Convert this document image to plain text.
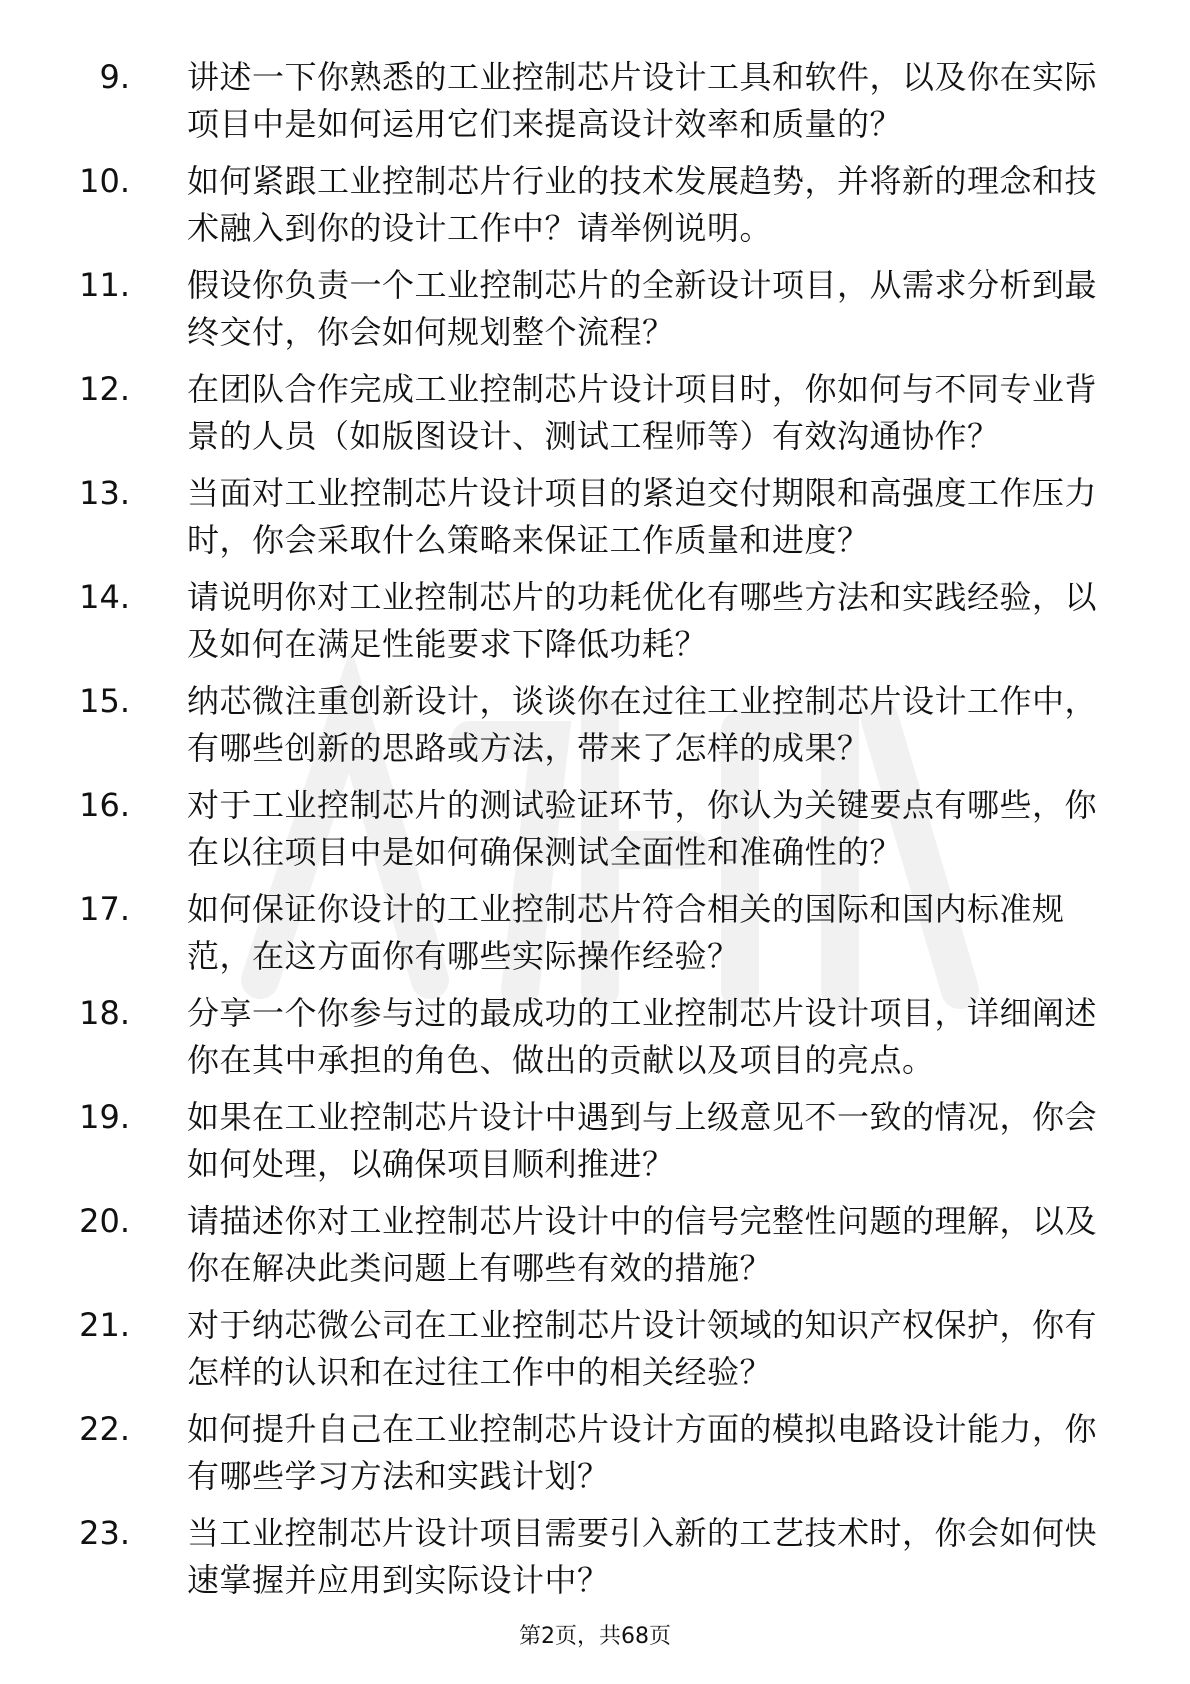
9. 讲述一下你熟悉的工业控制芯片设计工具和软件，以及你在实际
项目中是如何运用它们来提高设计效率和质量的？
10. 如何紧跟工业控制芯片行业的技术发展趋势，并将新的理念和技
术融入到你的设计工作中？请举例说明。
11. 假设你负责一个工业控制芯片的全新设计项目，从需求分析到最
终交付，你会如何规划整个流程？
12. 在团队合作完成工业控制芯片设计项目时，你如何与不同专业背
景的人员（如版图设计、测试工程师等）有效沟通协作？
13. 当面对工业控制芯片设计项目的紧迫交付期限和高强度工作压力
时，你会采取什么策略来保证工作质量和进度？
14. 请说明你对工业控制芯片的功耗优化有哪些方法和实践经验，以
及如何在满足性能要求下降低功耗？
15. 纳芯微注重创新设计，谈谈你在过往工业控制芯片设计工作中，
有哪些创新的思路或方法，带来了怎样的成果？
16. 对于工业控制芯片的测试验证环节，你认为关键要点有哪些，你
在以往项目中是如何确保测试全面性和准确性的？
17. 如何保证你设计的工业控制芯片符合相关的国际和国内标准规
范，在这方面你有哪些实际操作经验？
18. 分享一个你参与过的最成功的工业控制芯片设计项目，详细阐述
你在其中承担的角色、做出的贡献以及项目的亮点。
19. 如果在工业控制芯片设计中遇到与上级意见不一致的情况，你会
如何处理，以确保项目顺利推进？
20. 请描述你对工业控制芯片设计中的信号完整性问题的理解，以及
你在解决此类问题上有哪些有效的措施？
21. 对于纳芯微公司在工业控制芯片设计领域的知识产权保护，你有
怎样的认识和在过往工作中的相关经验？
22. 如何提升自己在工业控制芯片设计方面的模拟电路设计能力，你
有哪些学习方法和实践计划？
23. 当工业控制芯片设计项目需要引入新的工艺技术时，你会如何快
速掌握并应用到实际设计中？
第2页，共68页
